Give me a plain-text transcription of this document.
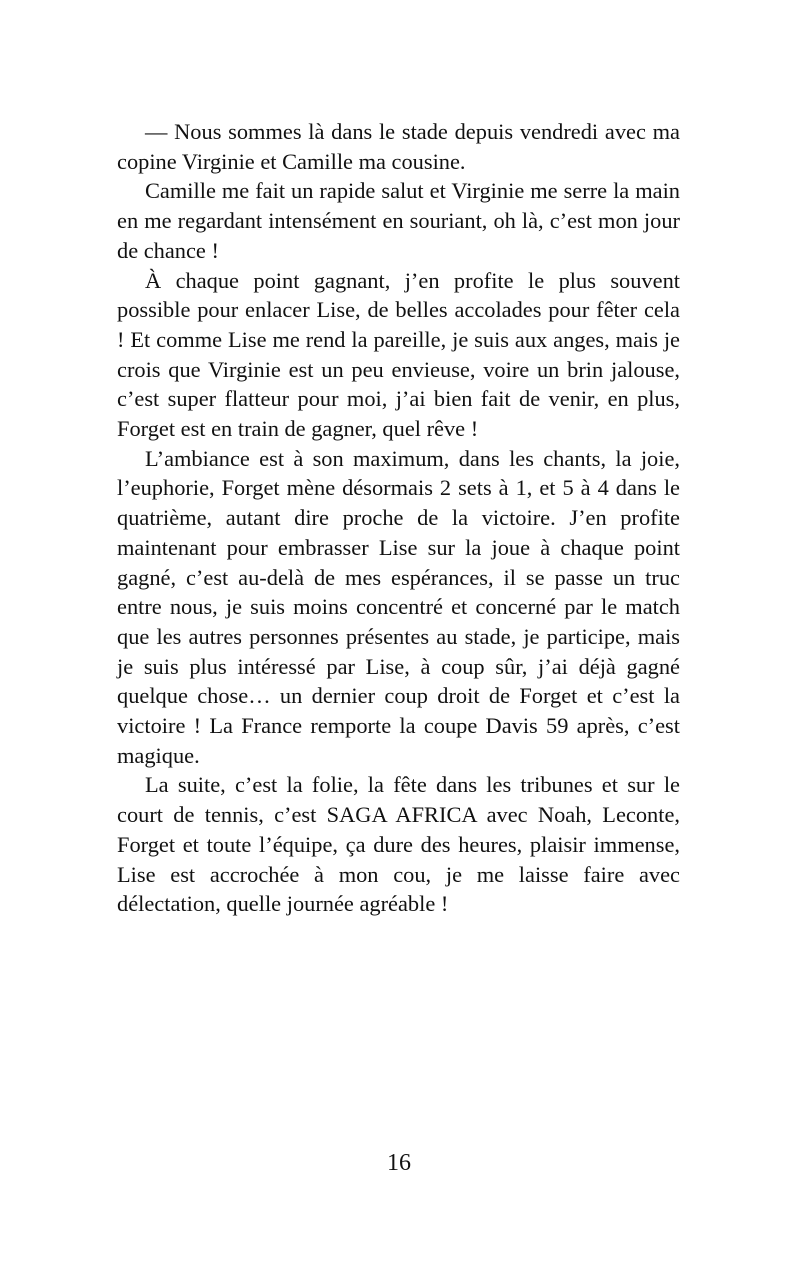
— Nous sommes là dans le stade depuis vendredi avec ma copine Virginie et Camille ma cousine.

Camille me fait un rapide salut et Virginie me serre la main en me regardant intensément en souriant, oh là, c’est mon jour de chance !

À chaque point gagnant, j’en profite le plus souvent possible pour enlacer Lise, de belles accolades pour fêter cela ! Et comme Lise me rend la pareille, je suis aux anges, mais je crois que Virginie est un peu envieuse, voire un brin jalouse, c’est super flatteur pour moi, j’ai bien fait de venir, en plus, Forget est en train de gagner, quel rêve !

L’ambiance est à son maximum, dans les chants, la joie, l’euphorie, Forget mène désormais 2 sets à 1, et 5 à 4 dans le quatrième, autant dire proche de la victoire. J’en profite maintenant pour embrasser Lise sur la joue à chaque point gagné, c’est au-delà de mes espérances, il se passe un truc entre nous, je suis moins concentré et concerné par le match que les autres personnes présentes au stade, je participe, mais je suis plus intéressé par Lise, à coup sûr, j’ai déjà gagné quelque chose… un dernier coup droit de Forget et c’est la victoire ! La France remporte la coupe Davis 59 après, c’est magique.

La suite, c’est la folie, la fête dans les tribunes et sur le court de tennis, c’est SAGA AFRICA avec Noah, Leconte, Forget et toute l’équipe, ça dure des heures, plaisir immense, Lise est accrochée à mon cou, je me laisse faire avec délectation, quelle journée agréable !

16
